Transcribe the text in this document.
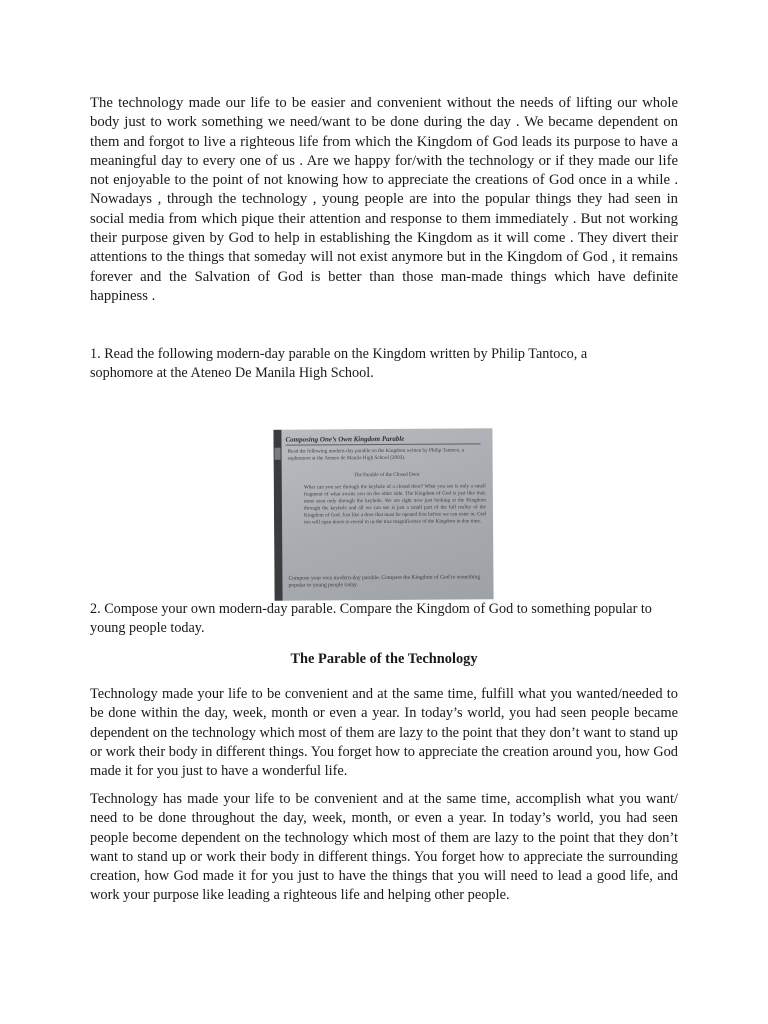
The technology made our life to be easier and convenient without the needs of lifting our whole body just to work something we need/want to be done during the day . We became dependent on them and forgot to live a righteous life from which the Kingdom of God leads its purpose to have a meaningful day to every one of us . Are we happy for/with the technology or if they made our life not enjoyable to the point of not knowing how to appreciate the creations of God once in a while . Nowadays , through the technology , young people are into the popular things they had seen in social media from which pique their attention and response to them immediately . But not working their purpose given by God to help in establishing the Kingdom as it will come . They divert their attentions to the things that someday will not exist anymore but in the Kingdom of God , it remains forever and the Salvation of God is better than those man-made things which have definite happiness .

1. Read the following modern-day parable on the Kingdom written by Philip Tantoco, a sophomore at the Ateneo De Manila High School.

Composing One’s Own Kingdom Parable

Read the following modern-day parable on the Kingdom written by Philip Tantoco, a sophomore at the Ateneo de Manila High School (2003).

The Parable of the Closed Door

What can you see through the keyhole of a closed door? What you see is only a small fragment of what awaits you on the other side. The Kingdom of God is just like that; most seen only through the keyhole. We are right now just looking at the Kingdom through the keyhole and all we can see is just a small part of the full reality of the Kingdom of God. Just like a door that must be opened first before we can enter in, God too will open doors to reveal to us the true magnificence of the Kingdom in due time.

Compose your own modern-day parable. Compare the Kingdom of God to something popular to young people today.

2. Compose your own modern-day parable. Compare the Kingdom of God to something popular to young people today.

The Parable of the Technology

Technology made your life to be convenient and at the same time, fulfill what you wanted/needed to be done within the day, week, month or even a year. In today’s world, you had seen people became dependent on the technology which most of them are lazy to the point that they don’t want to stand up or work their body in different things. You forget how to appreciate the creation around you, how God made it for you just to have a wonderful life.

Technology has made your life to be convenient and at the same time, accomplish what you want/ need to be done throughout the day, week, month, or even a year. In today’s world, you had seen people become dependent on the technology which most of them are lazy to the point that they don’t want to stand up or work their body in different things. You forget how to appreciate the surrounding creation, how God made it for you just to have the things that you will need to lead a good life, and work your purpose like leading a righteous life and helping other people.
